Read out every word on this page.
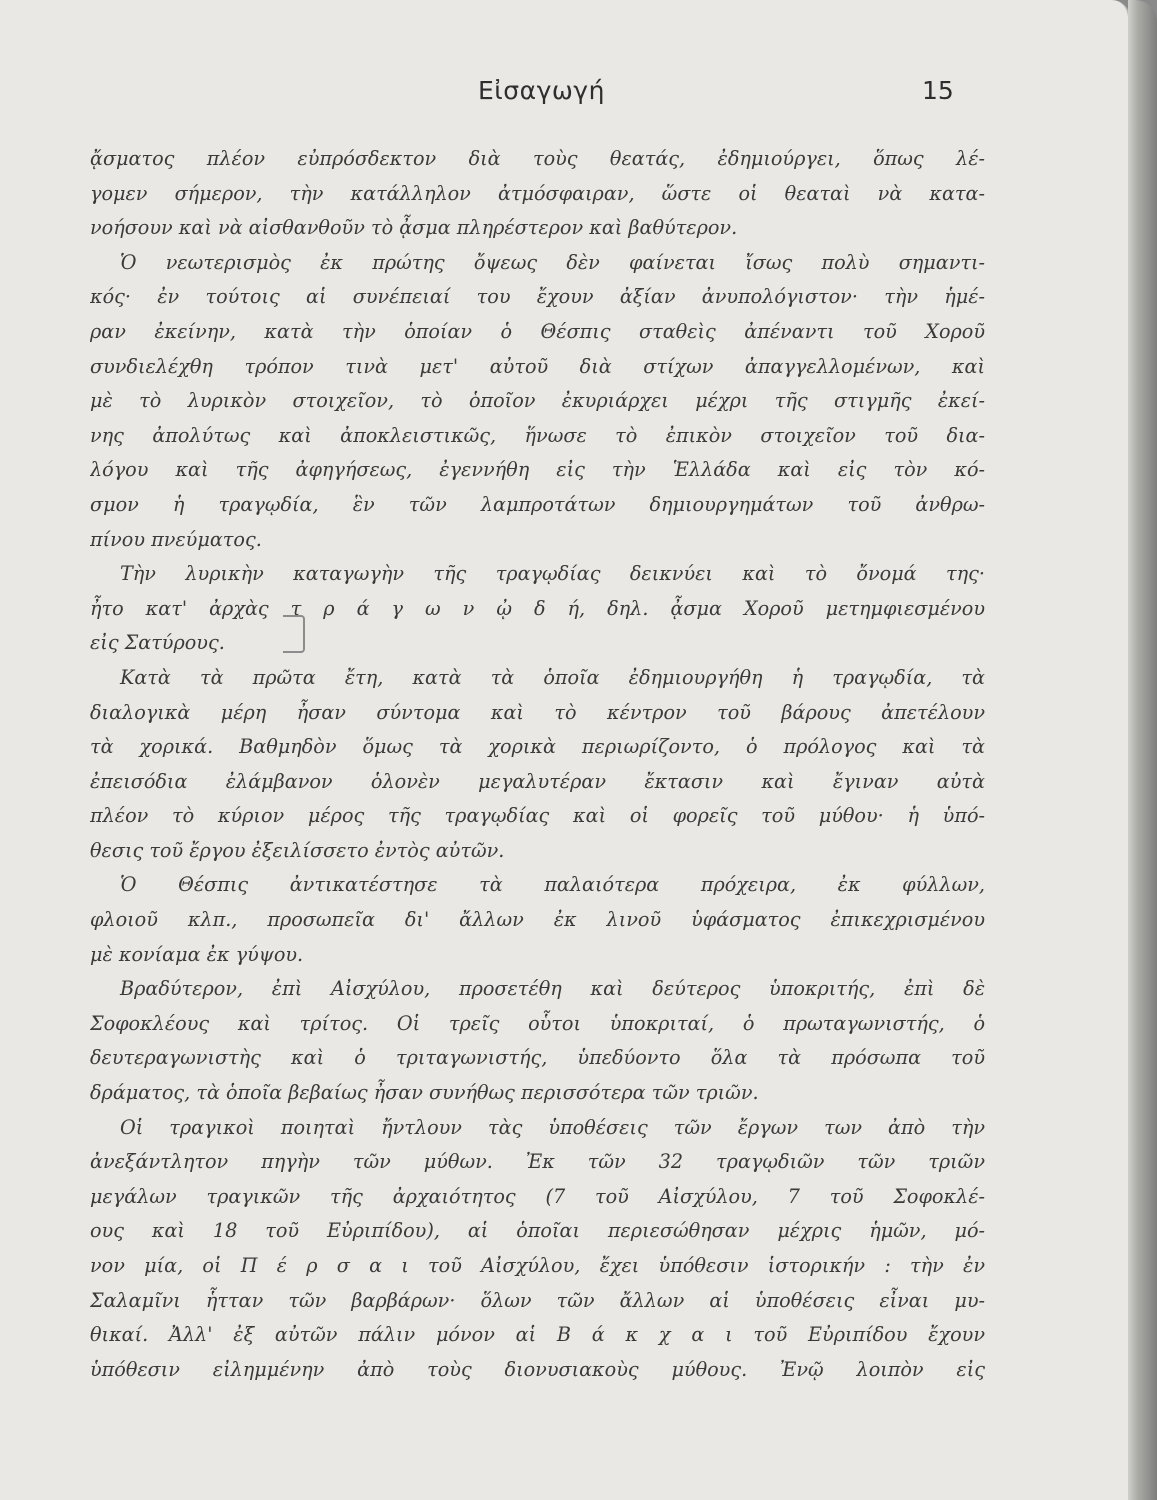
Εἰσαγωγή	15
ᾄσματος πλέον εὐπρόσδεκτον διὰ τοὺς θεατάς, ἐδημιούργει, ὅπως λέ-
γομεν σήμερον, τὴν κατάλληλον ἀτμόσφαιραν, ὥστε οἱ θεαταὶ νὰ κατα-
νοήσουν καὶ νὰ αἰσθανθοῦν τὸ ᾆσμα πληρέστερον καὶ βαθύτερον.
Ὁ νεωτερισμὸς ἐκ πρώτης ὄψεως δὲν φαίνεται ἴσως πολὺ σημαντι-
κός· ἐν τούτοις αἱ συνέπειαί του ἔχουν ἀξίαν ἀνυπολόγιστον· τὴν ἡμέ-
ραν ἐκείνην, κατὰ τὴν ὁποίαν ὁ Θέσπις σταθεὶς ἀπέναντι τοῦ Χοροῦ
συνδιελέχθη τρόπον τινὰ μετ' αὐτοῦ διὰ στίχων ἀπαγγελλομένων, καὶ
μὲ τὸ λυρικὸν στοιχεῖον, τὸ ὁποῖον ἐκυριάρχει μέχρι τῆς στιγμῆς ἐκεί-
νης ἀπολύτως καὶ ἀποκλειστικῶς, ἥνωσε τὸ ἐπικὸν στοιχεῖον τοῦ δια-
λόγου καὶ τῆς ἀφηγήσεως, ἐγεννήθη εἰς τὴν Ἑλλάδα καὶ εἰς τὸν κό-
σμον ἡ τραγῳδία, ἓν τῶν λαμπροτάτων δημιουργημάτων τοῦ ἀνθρω-
πίνου πνεύματος.
Τὴν λυρικὴν καταγωγὴν τῆς τραγῳδίας δεικνύει καὶ τὸ ὄνομά της·
ἦτο κατ' ἀρχὰς τ ρ ά γ ω ν ᾠ δ ή, δηλ. ᾆσμα Χοροῦ μετημφιεσμένου
εἰς Σατύρους.
Κατὰ τὰ πρῶτα ἔτη, κατὰ τὰ ὁποῖα ἐδημιουργήθη ἡ τραγῳδία, τὰ
διαλογικὰ μέρη ἦσαν σύντομα καὶ τὸ κέντρον τοῦ βάρους ἀπετέλουν
τὰ χορικά. Βαθμηδὸν ὅμως τὰ χορικὰ περιωρίζοντο, ὁ πρόλογος καὶ τὰ
ἐπεισόδια ἐλάμβανον ὁλονὲν μεγαλυτέραν ἔκτασιν καὶ ἔγιναν αὐτὰ
πλέον τὸ κύριον μέρος τῆς τραγῳδίας καὶ οἱ φορεῖς τοῦ μύθου· ἡ ὑπό-
θεσις τοῦ ἔργου ἐξειλίσσετο ἐντὸς αὐτῶν.
Ὁ Θέσπις ἀντικατέστησε τὰ παλαιότερα πρόχειρα, ἐκ φύλλων,
φλοιοῦ κλπ., προσωπεῖα δι' ἄλλων ἐκ λινοῦ ὑφάσματος ἐπικεχρισμένου
μὲ κονίαμα ἐκ γύψου.
Βραδύτερον, ἐπὶ Αἰσχύλου, προσετέθη καὶ δεύτερος ὑποκριτής, ἐπὶ δὲ
Σοφοκλέους καὶ τρίτος. Οἱ τρεῖς οὗτοι ὑποκριταί, ὁ πρωταγωνιστής, ὁ
δευτεραγωνιστὴς καὶ ὁ τριταγωνιστής, ὑπεδύοντο ὅλα τὰ πρόσωπα τοῦ
δράματος, τὰ ὁποῖα βεβαίως ἦσαν συνήθως περισσότερα τῶν τριῶν.
Οἱ τραγικοὶ ποιηταὶ ἤντλουν τὰς ὑποθέσεις τῶν ἔργων των ἀπὸ τὴν
ἀνεξάντλητον πηγὴν τῶν μύθων. Ἐκ τῶν 32 τραγῳδιῶν τῶν τριῶν
μεγάλων τραγικῶν τῆς ἀρχαιότητος (7 τοῦ Αἰσχύλου, 7 τοῦ Σοφοκλέ-
ους καὶ 18 τοῦ Εὐριπίδου), αἱ ὁποῖαι περιεσώθησαν μέχρις ἡμῶν, μό-
νον μία, οἱ Π έ ρ σ α ι τοῦ Αἰσχύλου, ἔχει ὑπόθεσιν ἱστορικήν : τὴν ἐν
Σαλαμῖνι ἧτταν τῶν βαρβάρων· ὅλων τῶν ἄλλων αἱ ὑποθέσεις εἶναι μυ-
θικαί. Ἀλλ' ἐξ αὐτῶν πάλιν μόνον αἱ Β ά κ χ α ι τοῦ Εὐριπίδου ἔχουν
ὑπόθεσιν εἰλημμένην ἀπὸ τοὺς διονυσιακοὺς μύθους. Ἐνῷ λοιπὸν εἰς
